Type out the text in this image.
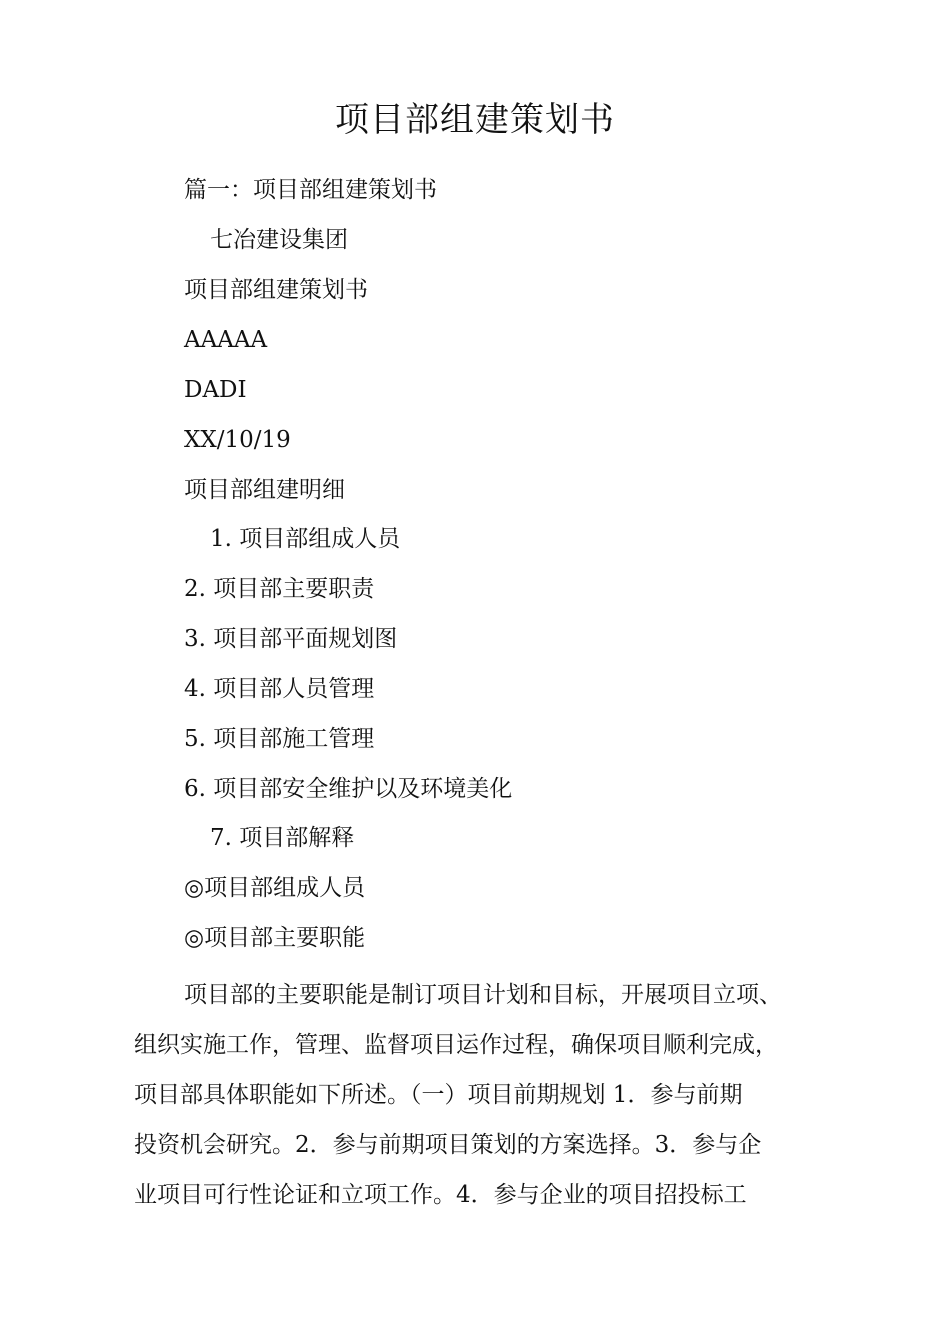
项目部组建策划书
篇一：项目部组建策划书
七冶建设集团
项目部组建策划书
AAAAA
DADI
XX/10/19
项目部组建明细
1. 项目部组成人员
2. 项目部主要职责
3. 项目部平面规划图
4. 项目部人员管理
5. 项目部施工管理
6. 项目部安全维护以及环境美化
7. 项目部解释
◎项目部组成人员
◎项目部主要职能
项目部的主要职能是制订项目计划和目标，开展项目立项、
组织实施工作，管理、监督项目运作过程，确保项目顺利完成，
项目部具体职能如下所述。（一）项目前期规划 1．参与前期
投资机会研究。2．参与前期项目策划的方案选择。3．参与企
业项目可行性论证和立项工作。4．参与企业的项目招投标工
